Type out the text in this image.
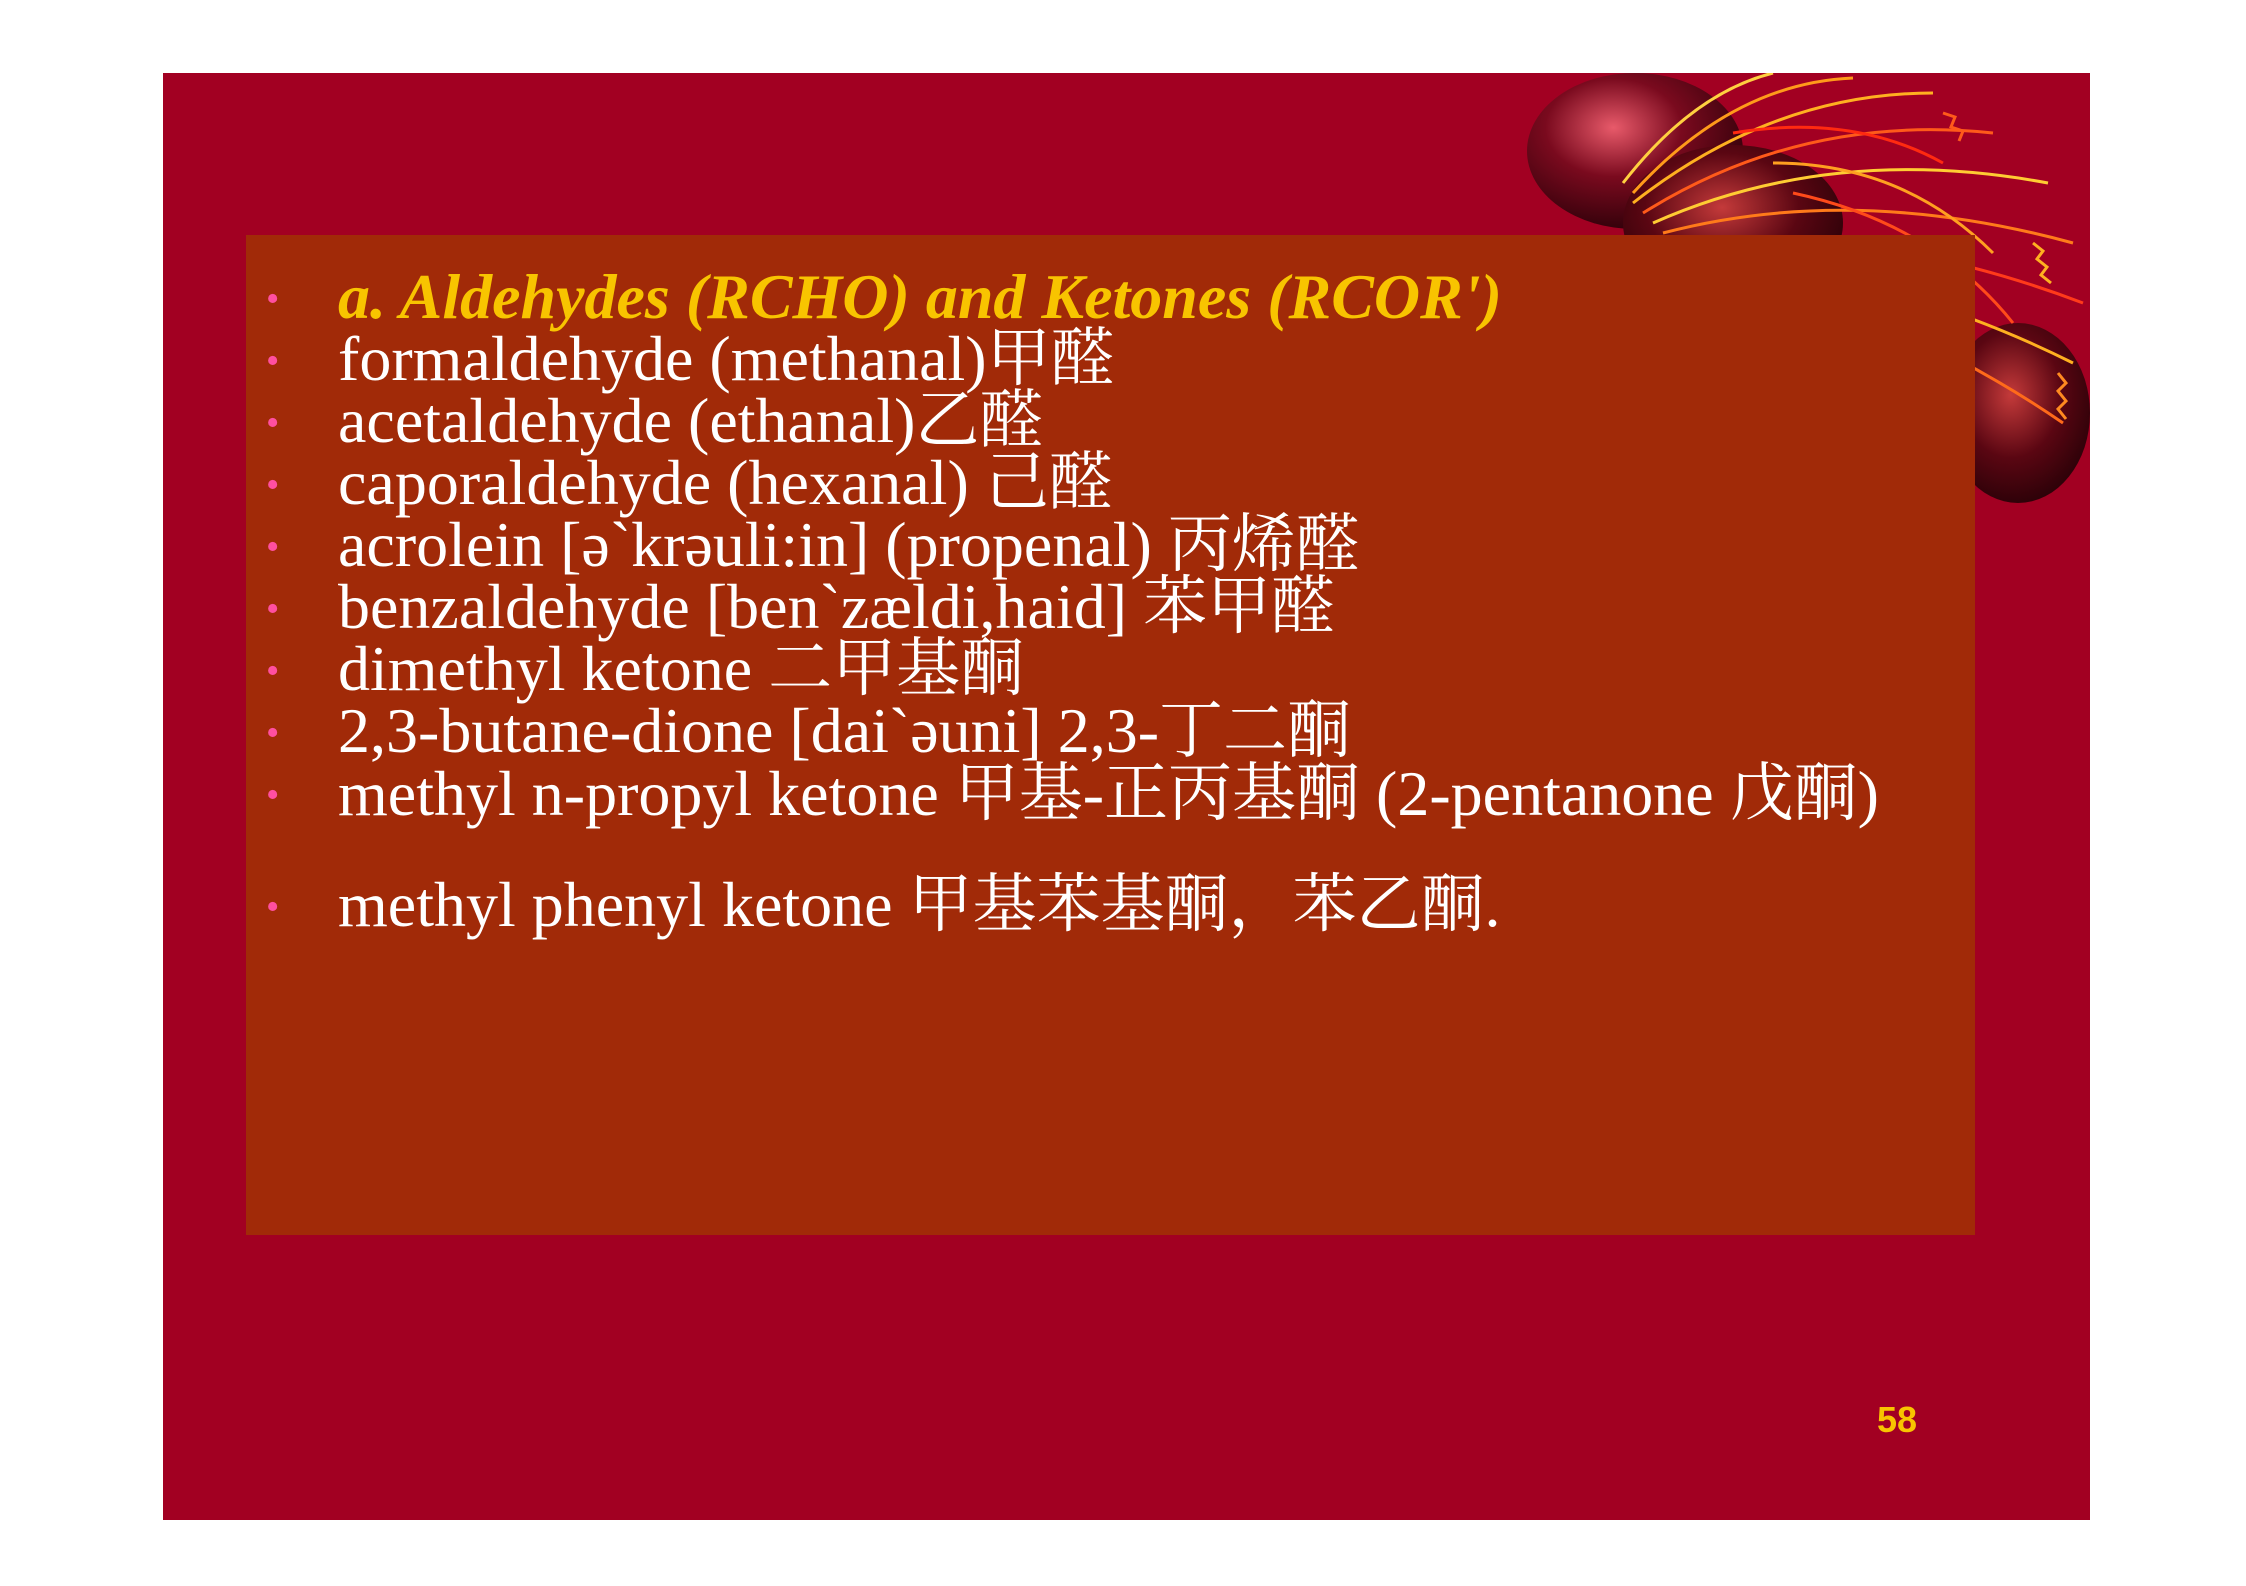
• a. Aldehydes (RCHO) and Ketones (RCOR')
• formaldehyde (methanal)甲醛
• acetaldehyde (ethanal)乙醛
• caporaldehyde (hexanal) 己醛
• acrolein [əˋkrəuli:in] (propenal) 丙烯醛
• benzaldehyde [benˋzældi,haid] 苯甲醛
• dimethyl ketone 二甲基酮
• 2,3-butane-dione [daiˋəuni] 2,3-丁二酮
• methyl n-propyl ketone 甲基-正丙基酮 (2-pentanone 戊酮)
• methyl phenyl ketone 甲基苯基酮，苯乙酮.
58
